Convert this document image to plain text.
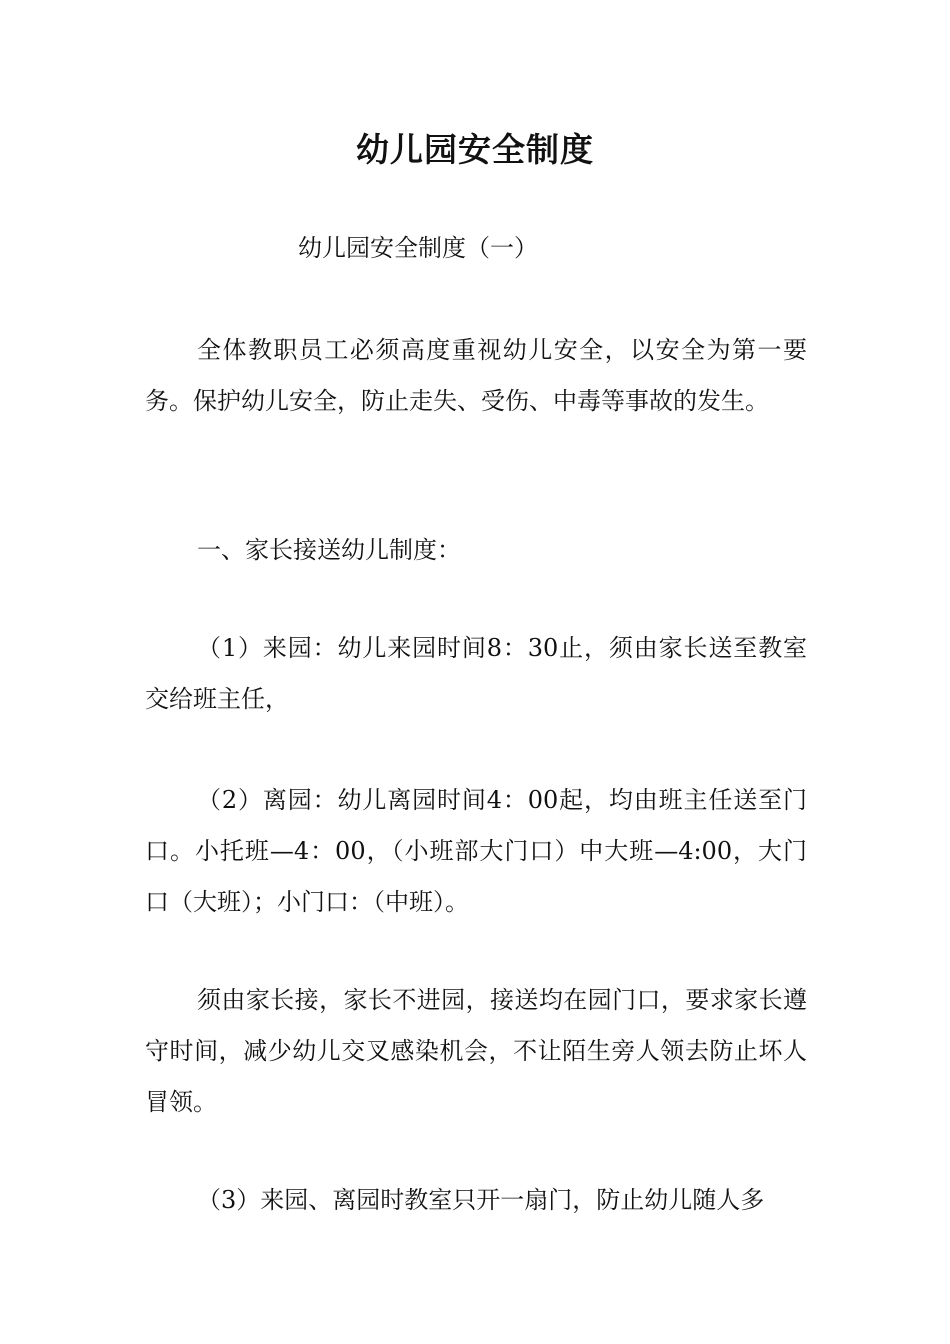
幼儿园安全制度
幼儿园安全制度（一）
全体教职员工必须高度重视幼儿安全，以安全为第一要务。保护幼儿安全，防止走失、受伤、中毒等事故的发生。
一、家长接送幼儿制度：
（1）来园：幼儿来园时间8：30止，须由家长送至教室交给班主任，
（2）离园：幼儿离园时间4：00起，均由班主任送至门口。小托班—4：00，（小班部大门口）中大班—4:00，大门口（大班）；小门口：（中班）。
须由家长接，家长不进园，接送均在园门口，要求家长遵守时间，减少幼儿交叉感染机会，不让陌生旁人领去防止坏人冒领。
（3）来园、离园时教室只开一扇门，防止幼儿随人多
